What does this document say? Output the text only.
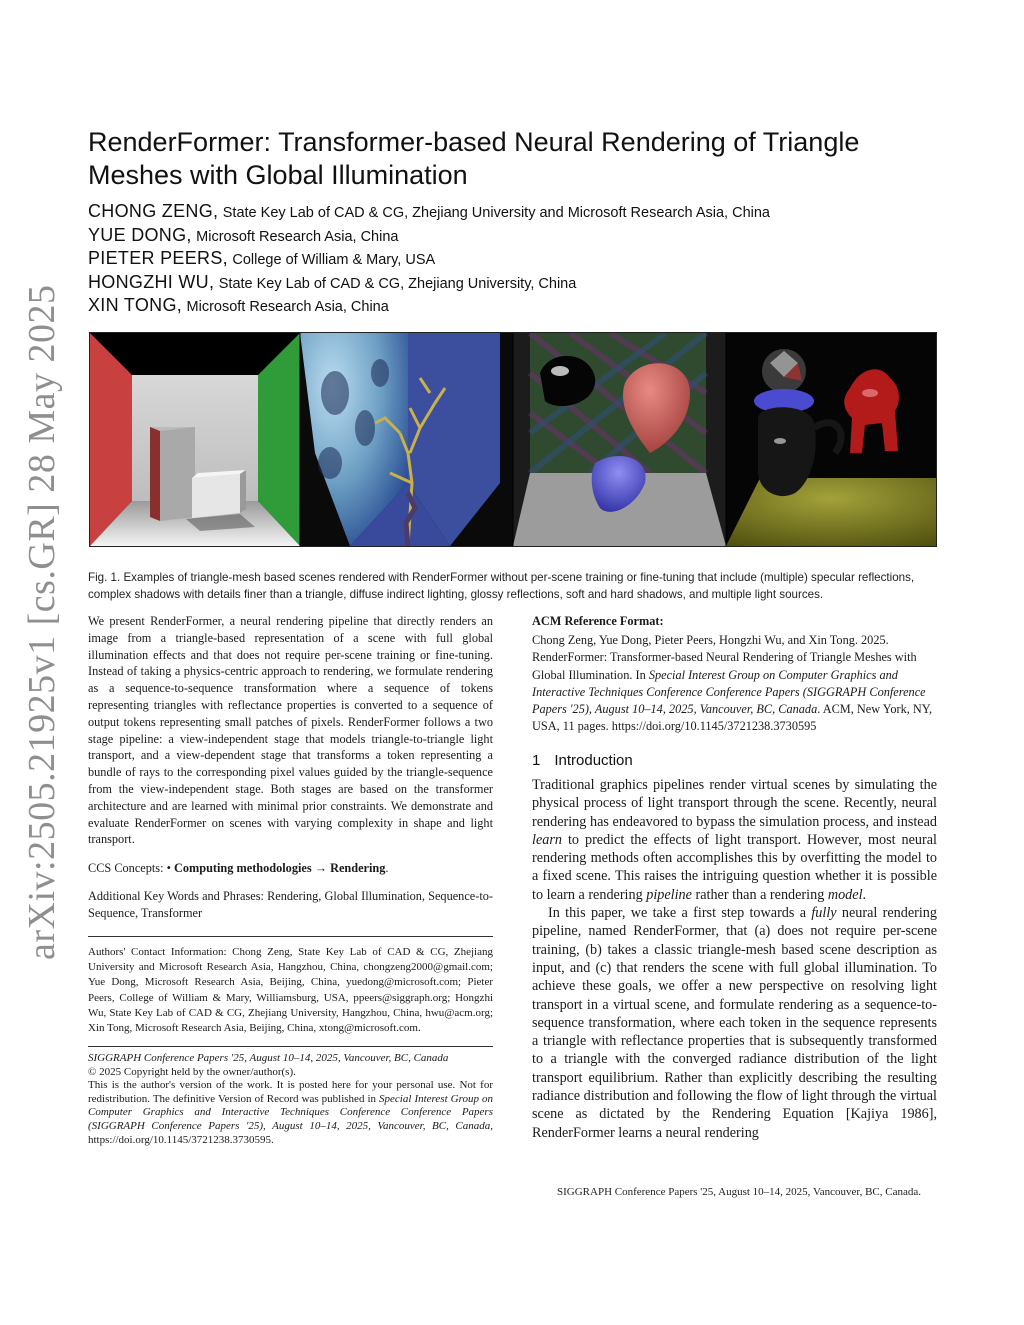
arXiv:2505.21925v1 [cs.GR] 28 May 2025
RenderFormer: Transformer-based Neural Rendering of Triangle Meshes with Global Illumination
CHONG ZENG, State Key Lab of CAD & CG, Zhejiang University and Microsoft Research Asia, China
YUE DONG, Microsoft Research Asia, China
PIETER PEERS, College of William & Mary, USA
HONGZHI WU, State Key Lab of CAD & CG, Zhejiang University, China
XIN TONG, Microsoft Research Asia, China
Fig. 1. Examples of triangle-mesh based scenes rendered with RenderFormer without per-scene training or fine-tuning that include (multiple) specular reflections, complex shadows with details finer than a triangle, diffuse indirect lighting, glossy reflections, soft and hard shadows, and multiple light sources.
We present RenderFormer, a neural rendering pipeline that directly renders an image from a triangle-based representation of a scene with full global illumination effects and that does not require per-scene training or fine-tuning. Instead of taking a physics-centric approach to rendering, we formulate rendering as a sequence-to-sequence transformation where a sequence of tokens representing triangles with reflectance properties is converted to a sequence of output tokens representing small patches of pixels. RenderFormer follows a two stage pipeline: a view-independent stage that models triangle-to-triangle light transport, and a view-dependent stage that transforms a token representing a bundle of rays to the corresponding pixel values guided by the triangle-sequence from the view-independent stage. Both stages are based on the transformer architecture and are learned with minimal prior constraints. We demonstrate and evaluate RenderFormer on scenes with varying complexity in shape and light transport.
CCS Concepts: • Computing methodologies → Rendering.
Additional Key Words and Phrases: Rendering, Global Illumination, Sequence-to-Sequence, Transformer
Authors' Contact Information: Chong Zeng, State Key Lab of CAD & CG, Zhejiang University and Microsoft Research Asia, Hangzhou, China, chongzeng2000@gmail.com; Yue Dong, Microsoft Research Asia, Beijing, China, yuedong@microsoft.com; Pieter Peers, College of William & Mary, Williamsburg, USA, ppeers@siggraph.org; Hongzhi Wu, State Key Lab of CAD & CG, Zhejiang University, Hangzhou, China, hwu@acm.org; Xin Tong, Microsoft Research Asia, Beijing, China, xtong@microsoft.com.
SIGGRAPH Conference Papers '25, August 10–14, 2025, Vancouver, BC, Canada
© 2025 Copyright held by the owner/author(s).
This is the author's version of the work. It is posted here for your personal use. Not for redistribution. The definitive Version of Record was published in Special Interest Group on Computer Graphics and Interactive Techniques Conference Conference Papers (SIGGRAPH Conference Papers '25), August 10–14, 2025, Vancouver, BC, Canada, https://doi.org/10.1145/3721238.3730595.
ACM Reference Format:
Chong Zeng, Yue Dong, Pieter Peers, Hongzhi Wu, and Xin Tong. 2025. RenderFormer: Transformer-based Neural Rendering of Triangle Meshes with Global Illumination. In Special Interest Group on Computer Graphics and Interactive Techniques Conference Conference Papers (SIGGRAPH Conference Papers '25), August 10–14, 2025, Vancouver, BC, Canada. ACM, New York, NY, USA, 11 pages. https://doi.org/10.1145/3721238.3730595
1 Introduction

Traditional graphics pipelines render virtual scenes by simulating the physical process of light transport through the scene. Recently, neural rendering has endeavored to bypass the simulation process, and instead learn to predict the effects of light transport. However, most neural rendering methods often accomplishes this by overfitting the model to a fixed scene. This raises the intriguing question whether it is possible to learn a rendering pipeline rather than a rendering model.

In this paper, we take a first step towards a fully neural rendering pipeline, named RenderFormer, that (a) does not require per-scene training, (b) takes a classic triangle-mesh based scene description as input, and (c) that renders the scene with full global illumination. To achieve these goals, we offer a new perspective on resolving light transport in a virtual scene, and formulate rendering as a sequence-to-sequence transformation, where each token in the sequence represents a triangle with reflectance properties that is subsequently transformed to a triangle with the converged radiance distribution of the light transport equilibrium. Rather than explicitly describing the resulting radiance distribution and following the flow of light through the virtual scene as dictated by the Rendering Equation [Kajiya 1986], RenderFormer learns a neural rendering

SIGGRAPH Conference Papers '25, August 10–14, 2025, Vancouver, BC, Canada.
